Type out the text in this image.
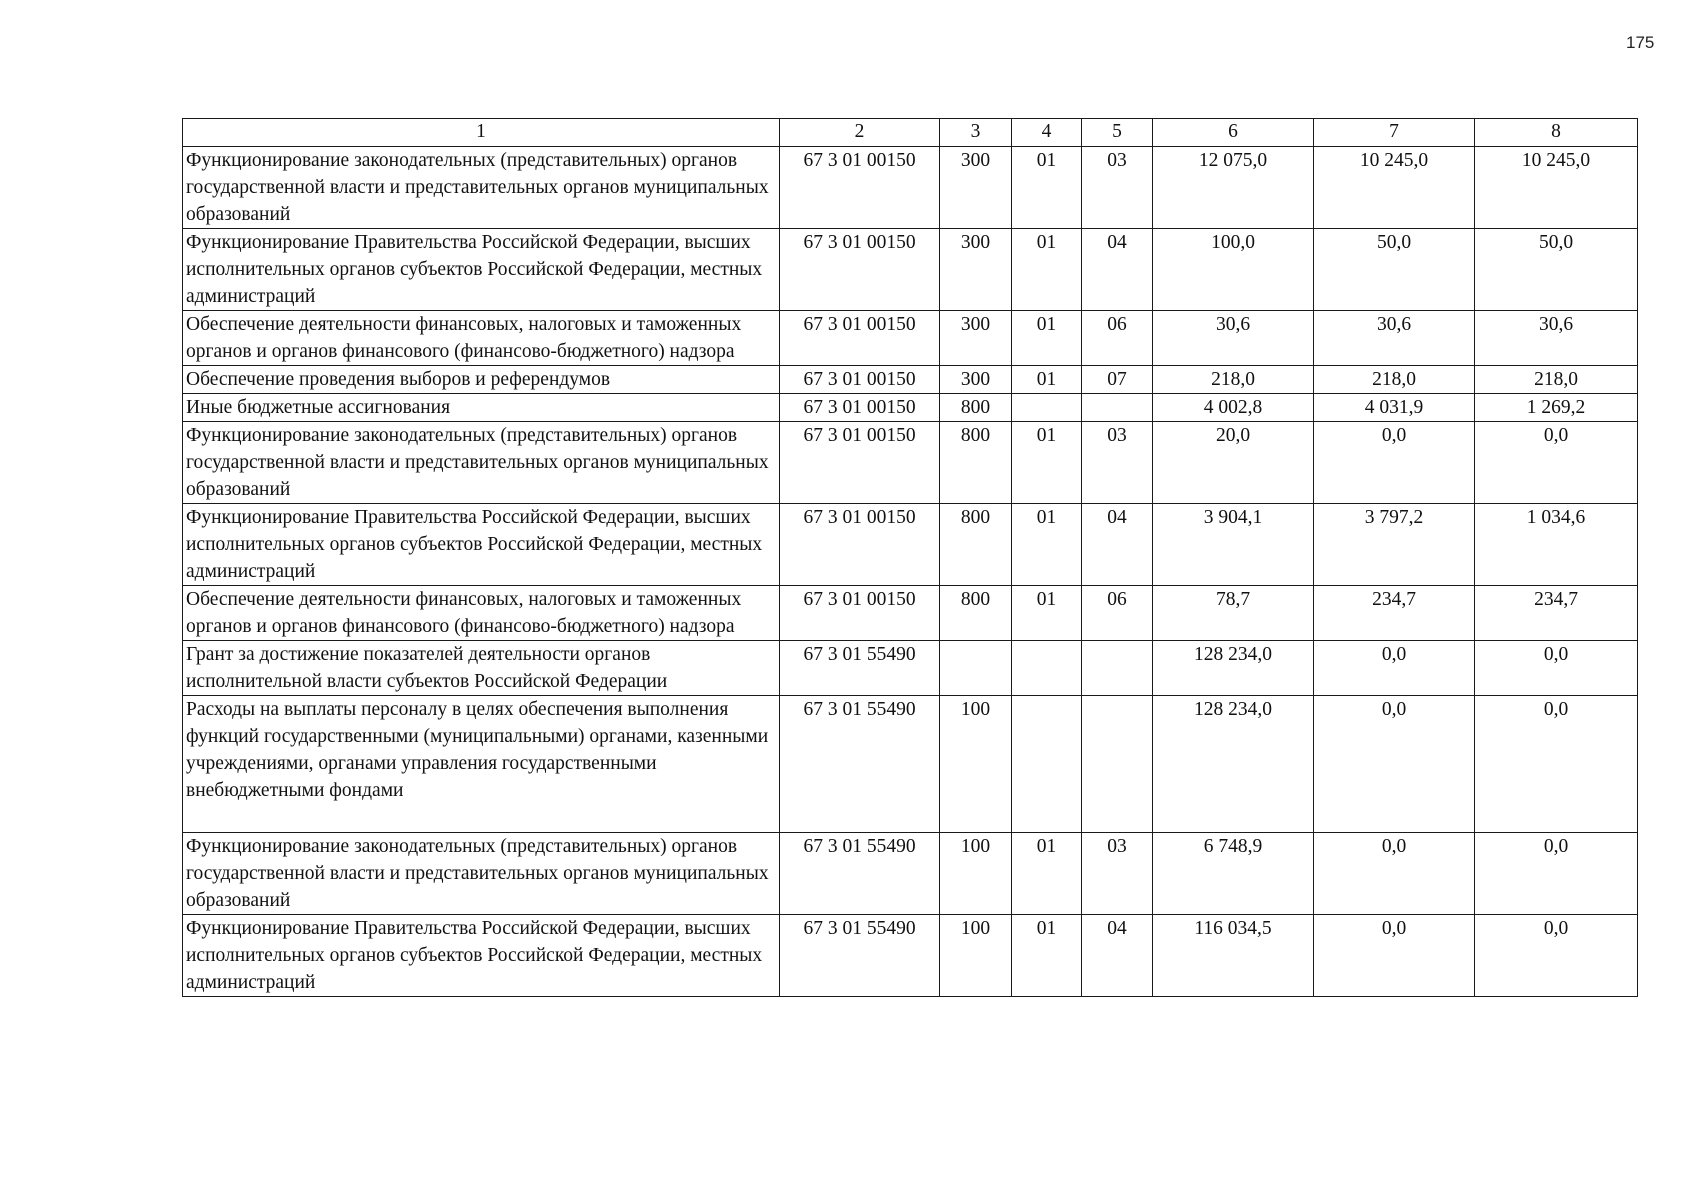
175
1	2	3	4	5	6	7	8
Функционирование законодательных (представительных) органов государственной власти и представительных органов муниципальных образований	67 3 01 00150	300	01	03	12 075,0	10 245,0	10 245,0
Функционирование Правительства Российской Федерации, высших исполнительных органов субъектов Российской Федерации, местных администраций	67 3 01 00150	300	01	04	100,0	50,0	50,0
Обеспечение деятельности финансовых, налоговых и таможенных органов и органов финансового (финансово-бюджетного) надзора	67 3 01 00150	300	01	06	30,6	30,6	30,6
Обеспечение проведения выборов и референдумов	67 3 01 00150	300	01	07	218,0	218,0	218,0
Иные бюджетные ассигнования	67 3 01 00150	800			4 002,8	4 031,9	1 269,2
Функционирование законодательных (представительных) органов государственной власти и представительных органов муниципальных образований	67 3 01 00150	800	01	03	20,0	0,0	0,0
Функционирование Правительства Российской Федерации, высших исполнительных органов субъектов Российской Федерации, местных администраций	67 3 01 00150	800	01	04	3 904,1	3 797,2	1 034,6
Обеспечение деятельности финансовых, налоговых и таможенных органов и органов финансового (финансово-бюджетного) надзора	67 3 01 00150	800	01	06	78,7	234,7	234,7
Грант за достижение показателей деятельности органов исполнительной власти субъектов Российской Федерации	67 3 01 55490				128 234,0	0,0	0,0
Расходы на выплаты персоналу в целях обеспечения выполнения функций государственными (муниципальными) органами, казенными учреждениями, органами управления государственными внебюджетными фондами	67 3 01 55490	100			128 234,0	0,0	0,0
Функционирование законодательных (представительных) органов государственной власти и представительных органов муниципальных образований	67 3 01 55490	100	01	03	6 748,9	0,0	0,0
Функционирование Правительства Российской Федерации, высших исполнительных органов субъектов Российской Федерации, местных администраций	67 3 01 55490	100	01	04	116 034,5	0,0	0,0
